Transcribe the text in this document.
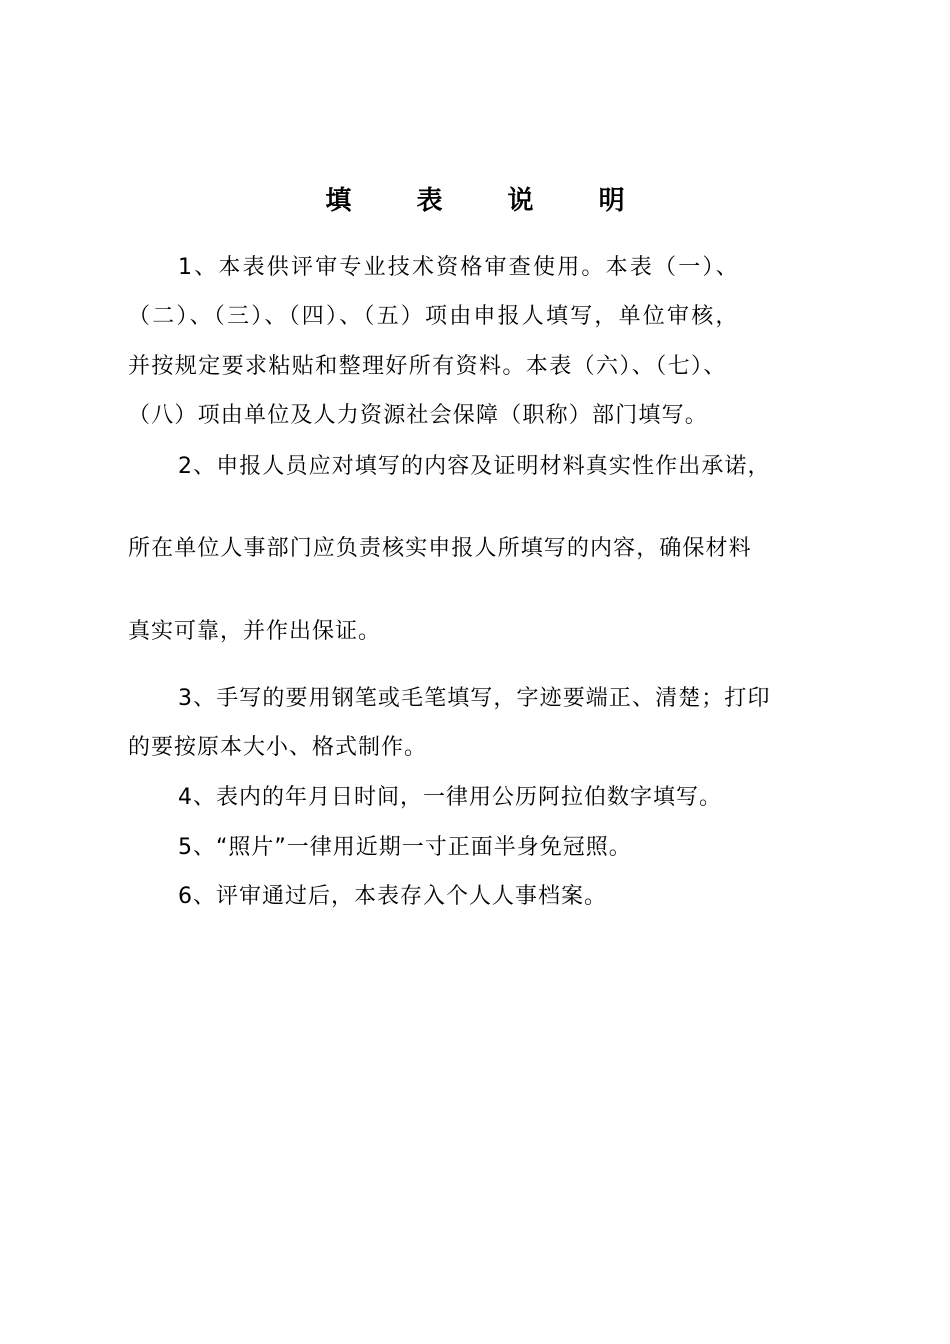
填 表 说 明
1、本表供评审专业技术资格审查使用。本表（一）、
（二）、（三）、（四）、（五）项由申报人填写，单位审核，
并按规定要求粘贴和整理好所有资料。本表（六）、（七）、
（八）项由单位及人力资源社会保障（职称）部门填写。
2、申报人员应对填写的内容及证明材料真实性作出承诺，
所在单位人事部门应负责核实申报人所填写的内容，确保材料
真实可靠，并作出保证。
3、手写的要用钢笔或毛笔填写，字迹要端正、清楚；打印
的要按原本大小、格式制作。
4、表内的年月日时间，一律用公历阿拉伯数字填写。
5、“照片”一律用近期一寸正面半身免冠照。
6、评审通过后，本表存入个人人事档案。
